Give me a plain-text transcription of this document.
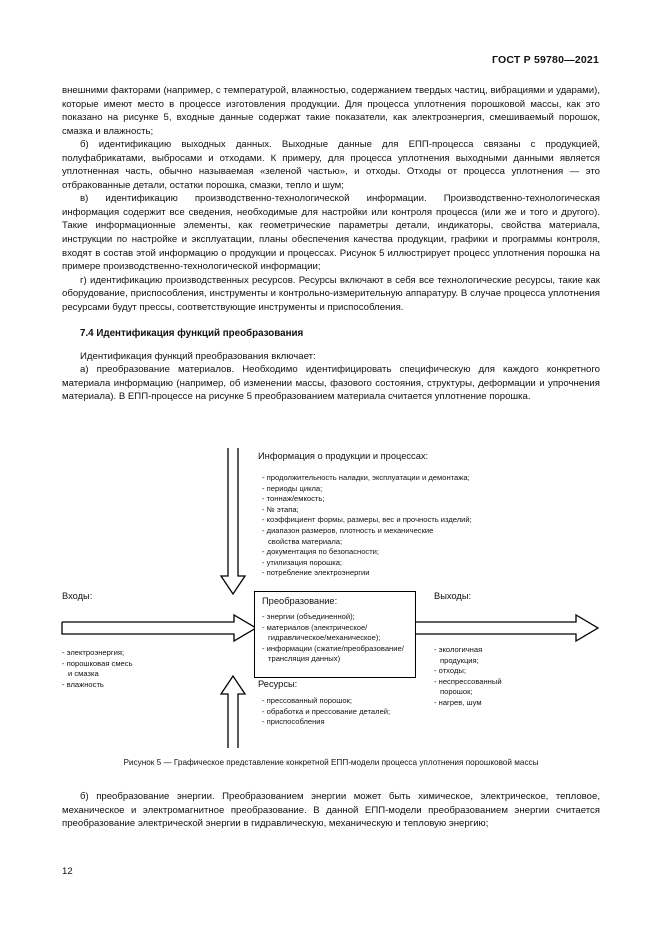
ГОСТ Р 59780—2021

внешними факторами (например, с температурой, влажностью, содержанием твердых частиц, вибрациями и ударами), которые имеют место в процессе изготовления продукции. Для процесса уплотнения порошковой массы, как это показано на рисунке 5, входные данные содержат такие показатели, как электроэнергия, смешиваемый порошок, смазка и влажность;

б) идентификацию выходных данных. Выходные данные для ЕПП-процесса связаны с продукцией, полуфабрикатами, выбросами и отходами. К примеру, для процесса уплотнения выходными данными является уплотненная часть, обычно называемая «зеленой частью», и отходы. Отходы от процесса уплотнения — это отбракованные детали, остатки порошка, смазки, тепло и шум;

в) идентификацию производственно-технологической информации. Производственно-технологическая информация содержит все сведения, необходимые для настройки или контроля процесса (или же и того и другого). Такие информационные элементы, как геометрические параметры детали, индикаторы, свойства материала, инструкции по настройке и эксплуатации, планы обеспечения качества продукции, графики и программы контроля, входят в состав этой информацию о продукции и процессах. Рисунок 5 иллюстрирует процесс уплотнения порошка на примере производственно-технологической информации;

г) идентификацию производственных ресурсов. Ресурсы включают в себя все технологические ресурсы, такие как оборудование, приспособления, инструменты и контрольно-измерительную аппаратуру. В случае процесса уплотнения ресурсами будут прессы, соответствующие инструменты и приспособления.

7.4 Идентификация функций преобразования

Идентификация функций преобразования включает:

а) преобразование материалов. Необходимо идентифицировать специфическую для каждого конкретного материала информацию (например, об изменении массы, фазового состояния, структуры, деформации и упрочнения материала). В ЕПП-процессе на рисунке 5 преобразованием материала считается уплотнение порошка.

Информация о продукции и процессах:
- продолжительность наладки, эксплуатации и демонтажа;
- периоды цикла;
- тоннаж/емкость;
- № этапа;
- коэффициент формы, размеры, вес и прочность изделий;
- диапазон размеров, плотность и механические
свойства материала;
- документация по безопасности;
- утилизация порошка;
- потребление электроэнергии
Входы:
- электроэнергия;
- порошковая смесь
и смазка
- влажность
Преобразование:
- энергии (объединенной);
- материалов (электрическое/
гидравлическое/механическое);
- информации (сжатие/преобразование/
трансляция данных)
Выходы:
- экологичная
продукция;
- отходы;
- неспрессованный
порошок;
- нагрев, шум
Ресурсы:
- прессованный порошок;
- обработка и прессование деталей;
- приспособления
Рисунок 5 — Графическое представление конкретной ЕПП-модели процесса уплотнения порошковой массы

б) преобразование энергии. Преобразованием энергии может быть химическое, электрическое, тепловое, механическое и электромагнитное преобразование. В данной ЕПП-модели преобразованием энергии считается преобразование электрической энергии в гидравлическую, механическую и тепловую энергию;

12
